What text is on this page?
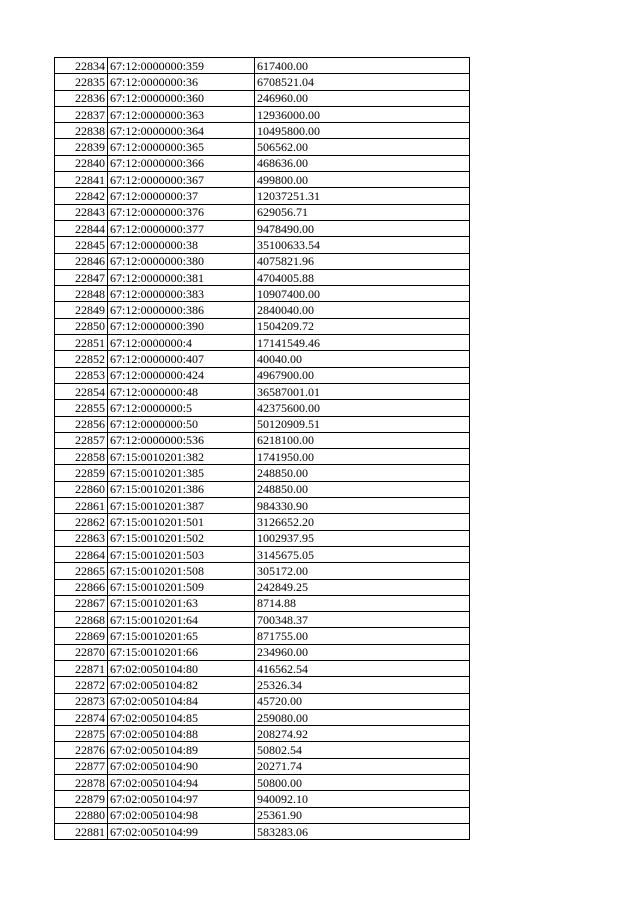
22834	67:12:0000000:359	617400.00
22835	67:12:0000000:36	6708521.04
22836	67:12:0000000:360	246960.00
22837	67:12:0000000:363	12936000.00
22838	67:12:0000000:364	10495800.00
22839	67:12:0000000:365	506562.00
22840	67:12:0000000:366	468636.00
22841	67:12:0000000:367	499800.00
22842	67:12:0000000:37	12037251.31
22843	67:12:0000000:376	629056.71
22844	67:12:0000000:377	9478490.00
22845	67:12:0000000:38	35100633.54
22846	67:12:0000000:380	4075821.96
22847	67:12:0000000:381	4704005.88
22848	67:12:0000000:383	10907400.00
22849	67:12:0000000:386	2840040.00
22850	67:12:0000000:390	1504209.72
22851	67:12:0000000:4	17141549.46
22852	67:12:0000000:407	40040.00
22853	67:12:0000000:424	4967900.00
22854	67:12:0000000:48	36587001.01
22855	67:12:0000000:5	42375600.00
22856	67:12:0000000:50	50120909.51
22857	67:12:0000000:536	6218100.00
22858	67:15:0010201:382	1741950.00
22859	67:15:0010201:385	248850.00
22860	67:15:0010201:386	248850.00
22861	67:15:0010201:387	984330.90
22862	67:15:0010201:501	3126652.20
22863	67:15:0010201:502	1002937.95
22864	67:15:0010201:503	3145675.05
22865	67:15:0010201:508	305172.00
22866	67:15:0010201:509	242849.25
22867	67:15:0010201:63	8714.88
22868	67:15:0010201:64	700348.37
22869	67:15:0010201:65	871755.00
22870	67:15:0010201:66	234960.00
22871	67:02:0050104:80	416562.54
22872	67:02:0050104:82	25326.34
22873	67:02:0050104:84	45720.00
22874	67:02:0050104:85	259080.00
22875	67:02:0050104:88	208274.92
22876	67:02:0050104:89	50802.54
22877	67:02:0050104:90	20271.74
22878	67:02:0050104:94	50800.00
22879	67:02:0050104:97	940092.10
22880	67:02:0050104:98	25361.90
22881	67:02:0050104:99	583283.06
